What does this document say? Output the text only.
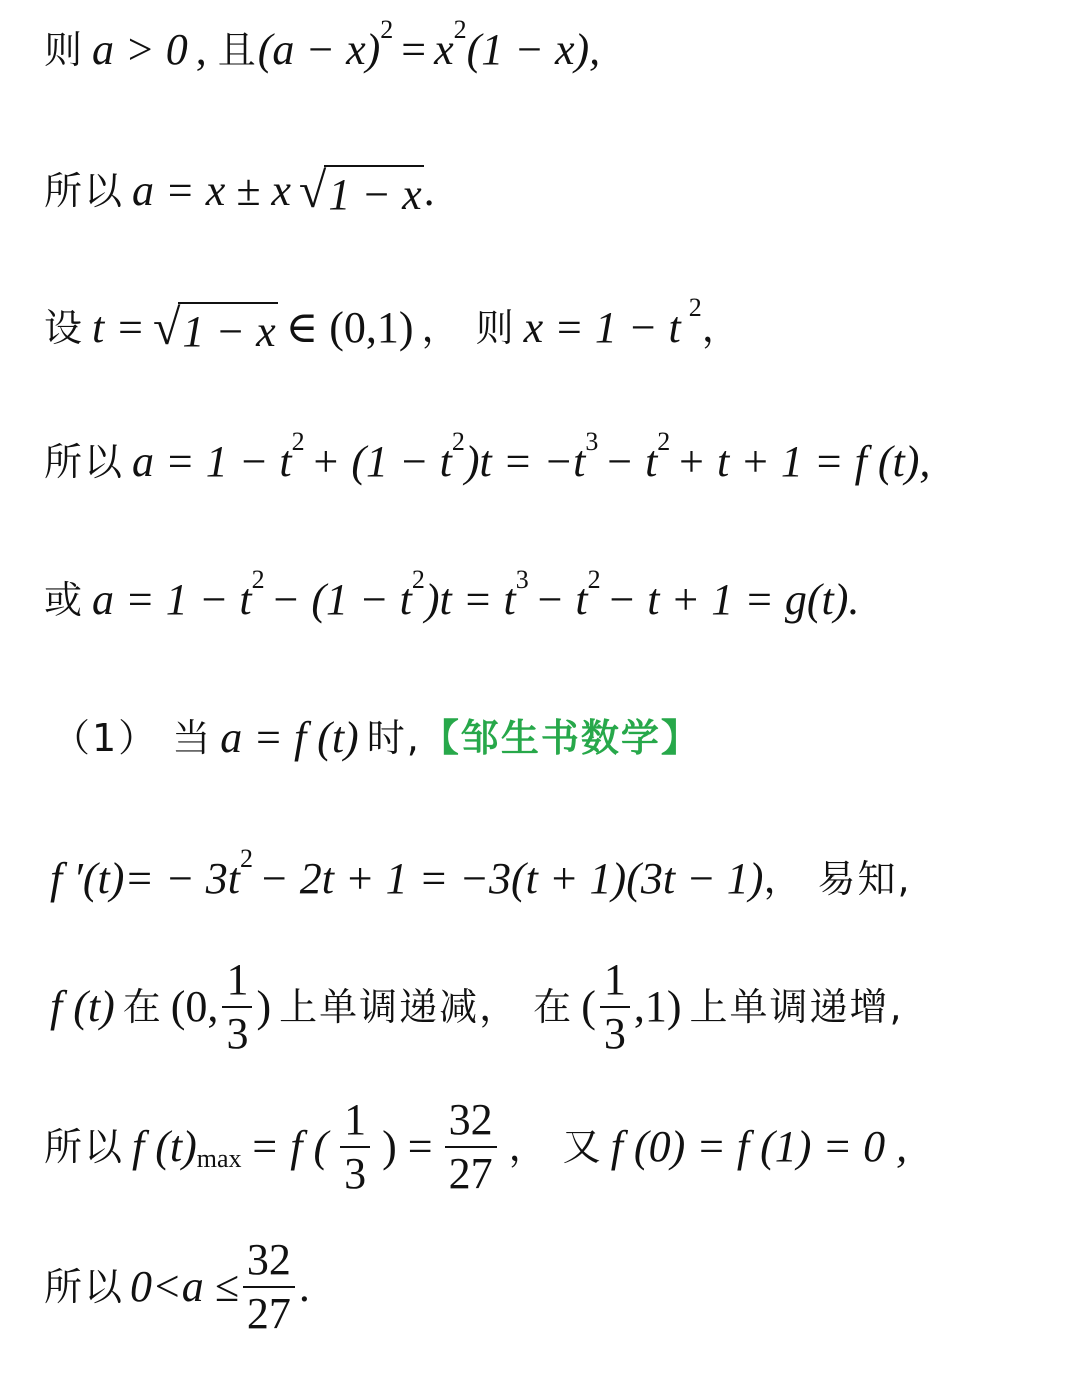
则 a > 0 , 且 (a − x) 2 = x 2 (1 − x),
所以 a = x ± x √ 1 − x .
设 t = √ 1 − x ∈ (0,1) ， 则 x = 1 − t 2 ，
所以 a = 1 − t 2 + (1 − t 2 )t = −t 3 − t 2 + t + 1 = f (t),
或 a = 1 − t 2 − (1 − t 2 )t = t 3 − t 2 − t + 1 = g(t).
（1） 当 a = f (t) 时, 【邹生书数学】
f ′(t)= − 3t 2 − 2t + 1 = −3(t + 1)(3t − 1) ， 易知,
f (t) 在 (0, $\frac{1}{3}$ ) 上单调递减， 在 ( $\frac{1}{3} ,1$) 上单调递增,
所以 f (t) max = f ( $\frac{1}{3}$ ) = $\frac{32}{27}$ ， 又 f (0) = f (1) = 0 ,
所以 $0<a \le \frac{32}{27}$ .
